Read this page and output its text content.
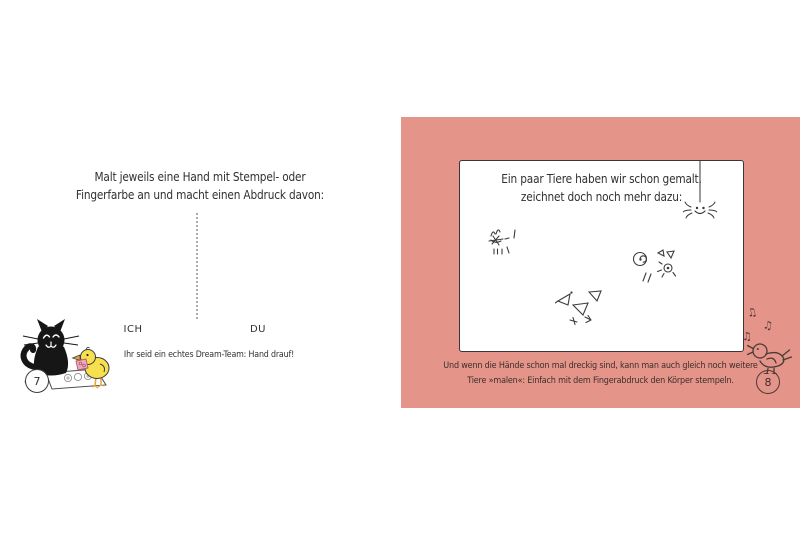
Malt jeweils eine Hand mit Stempel- oder
Fingerfarbe an und macht einen Abdruck davon:
ICH	DU
Ihr seid ein echtes Dream-Team: Hand drauf!
7
Ein paar Tiere haben wir schon gemalt,
zeichnet doch noch mehr dazu:
Und wenn die Hände schon mal dreckig sind, kann man auch gleich noch weitere
Tiere »malen«: Einfach mit dem Fingerabdruck den Körper stempeln.
♫
♫
♫
8
